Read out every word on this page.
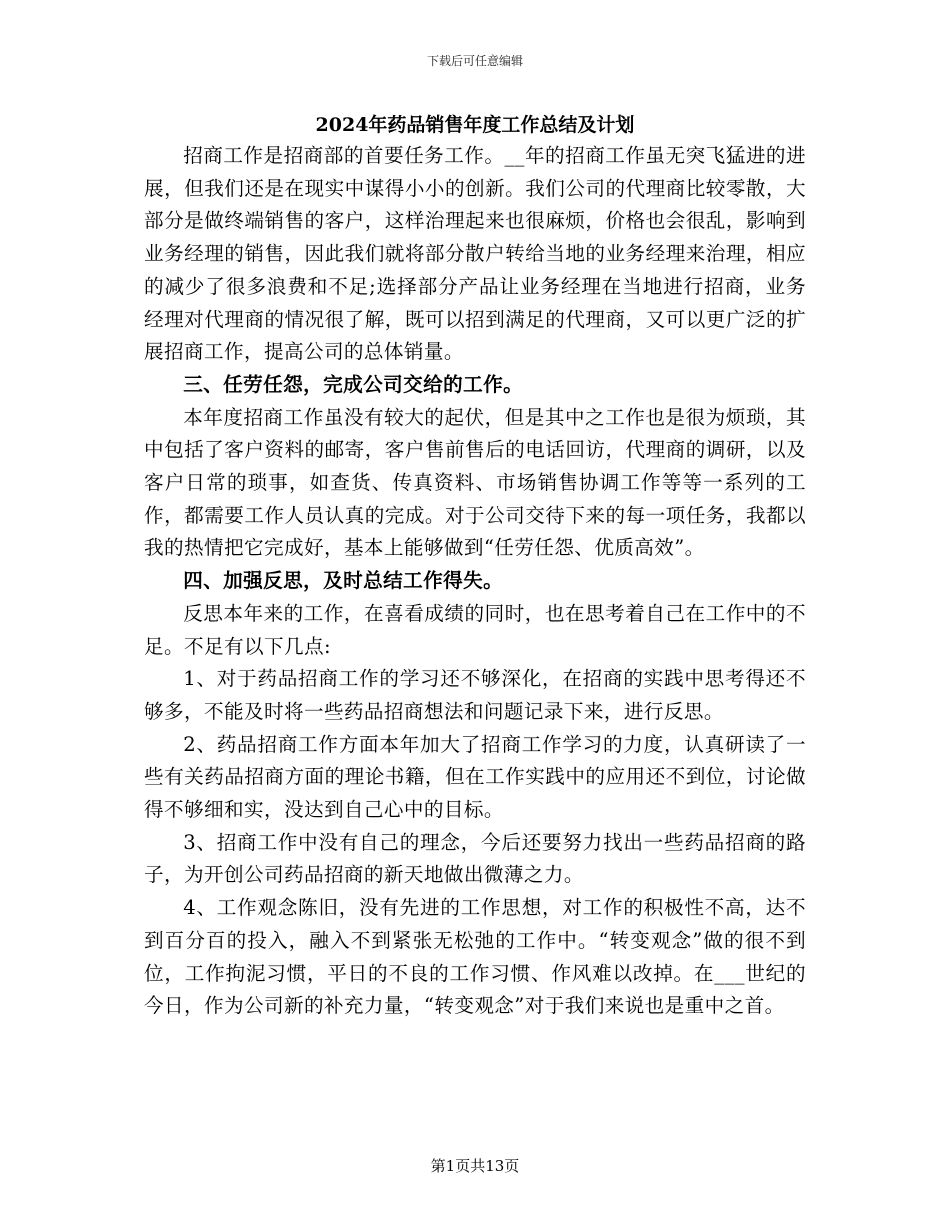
下载后可任意编辑
2024年药品销售年度工作总结及计划

招商工作是招商部的首要任务工作。__年的招商工作虽无突飞猛进的进展，但我们还是在现实中谋得小小的创新。我们公司的代理商比较零散，大部分是做终端销售的客户，这样治理起来也很麻烦，价格也会很乱，影响到业务经理的销售，因此我们就将部分散户转给当地的业务经理来治理，相应的减少了很多浪费和不足;选择部分产品让业务经理在当地进行招商，业务经理对代理商的情况很了解，既可以招到满足的代理商，又可以更广泛的扩展招商工作，提高公司的总体销量。

三、任劳任怨，完成公司交给的工作。

本年度招商工作虽没有较大的起伏，但是其中之工作也是很为烦琐，其中包括了客户资料的邮寄，客户售前售后的电话回访，代理商的调研，以及客户日常的琐事，如查货、传真资料、市场销售协调工作等等一系列的工作，都需要工作人员认真的完成。对于公司交待下来的每一项任务，我都以我的热情把它完成好，基本上能够做到“任劳任怨、优质高效”。

四、加强反思，及时总结工作得失。

反思本年来的工作，在喜看成绩的同时，也在思考着自己在工作中的不足。不足有以下几点:

1、对于药品招商工作的学习还不够深化，在招商的实践中思考得还不够多，不能及时将一些药品招商想法和问题记录下来，进行反思。

2、药品招商工作方面本年加大了招商工作学习的力度，认真研读了一些有关药品招商方面的理论书籍，但在工作实践中的应用还不到位，讨论做得不够细和实，没达到自己心中的目标。

3、招商工作中没有自己的理念，今后还要努力找出一些药品招商的路子，为开创公司药品招商的新天地做出微薄之力。

4、工作观念陈旧，没有先进的工作思想，对工作的积极性不高，达不到百分百的投入，融入不到紧张无松弛的工作中。“转变观念”做的很不到位，工作拘泥习惯，平日的不良的工作习惯、作风难以改掉。在___世纪的今日，作为公司新的补充力量，“转变观念”对于我们来说也是重中之首。

第1页共13页
